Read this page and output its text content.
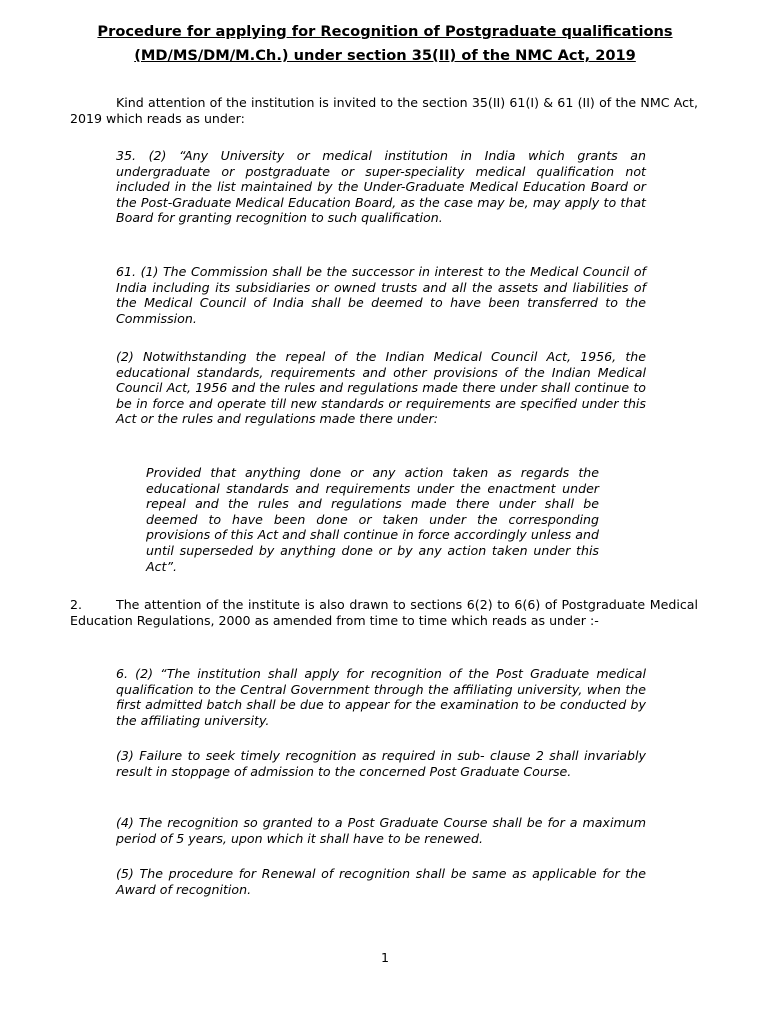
Procedure for applying for Recognition of Postgraduate qualifications
(MD/MS/DM/M.Ch.) under section 35(II) of the NMC Act, 2019

Kind attention of the institution is invited to the section 35(II) 61(I) & 61 (II) of the NMC Act, 2019 which reads as under:

35. (2) “Any University or medical institution in India which grants an undergraduate or postgraduate or super-speciality medical qualification not included in the list maintained by the Under-Graduate Medical Education Board or the Post-Graduate Medical Education Board, as the case may be, may apply to that Board for granting recognition to such qualification.

61. (1) The Commission shall be the successor in interest to the Medical Council of India including its subsidiaries or owned trusts and all the assets and liabilities of the Medical Council of India shall be deemed to have been transferred to the Commission.

(2) Notwithstanding the repeal of the Indian Medical Council Act, 1956, the educational standards, requirements and other provisions of the Indian Medical Council Act, 1956 and the rules and regulations made there under shall continue to be in force and operate till new standards or requirements are specified under this Act or the rules and regulations made there under:

Provided that anything done or any action taken as regards the educational standards and requirements under the enactment under repeal and the rules and regulations made there under shall be deemed to have been done or taken under the corresponding provisions of this Act and shall continue in force accordingly unless and until superseded by anything done or by any action taken under this Act”.

2.	The attention of the institute is also drawn to sections 6(2) to 6(6) of Postgraduate Medical Education Regulations, 2000 as amended from time to time which reads as under :-

6. (2) “The institution shall apply for recognition of the Post Graduate medical qualification to the Central Government through the affiliating university, when the first admitted batch shall be due to appear for the examination to be conducted by the affiliating university.

(3) Failure to seek timely recognition as required in sub- clause 2 shall invariably result in stoppage of admission to the concerned Post Graduate Course.

(4) The recognition so granted to a Post Graduate Course shall be for a maximum period of 5 years, upon which it shall have to be renewed.

(5) The procedure for Renewal of recognition shall be same as applicable for the Award of recognition.

1
